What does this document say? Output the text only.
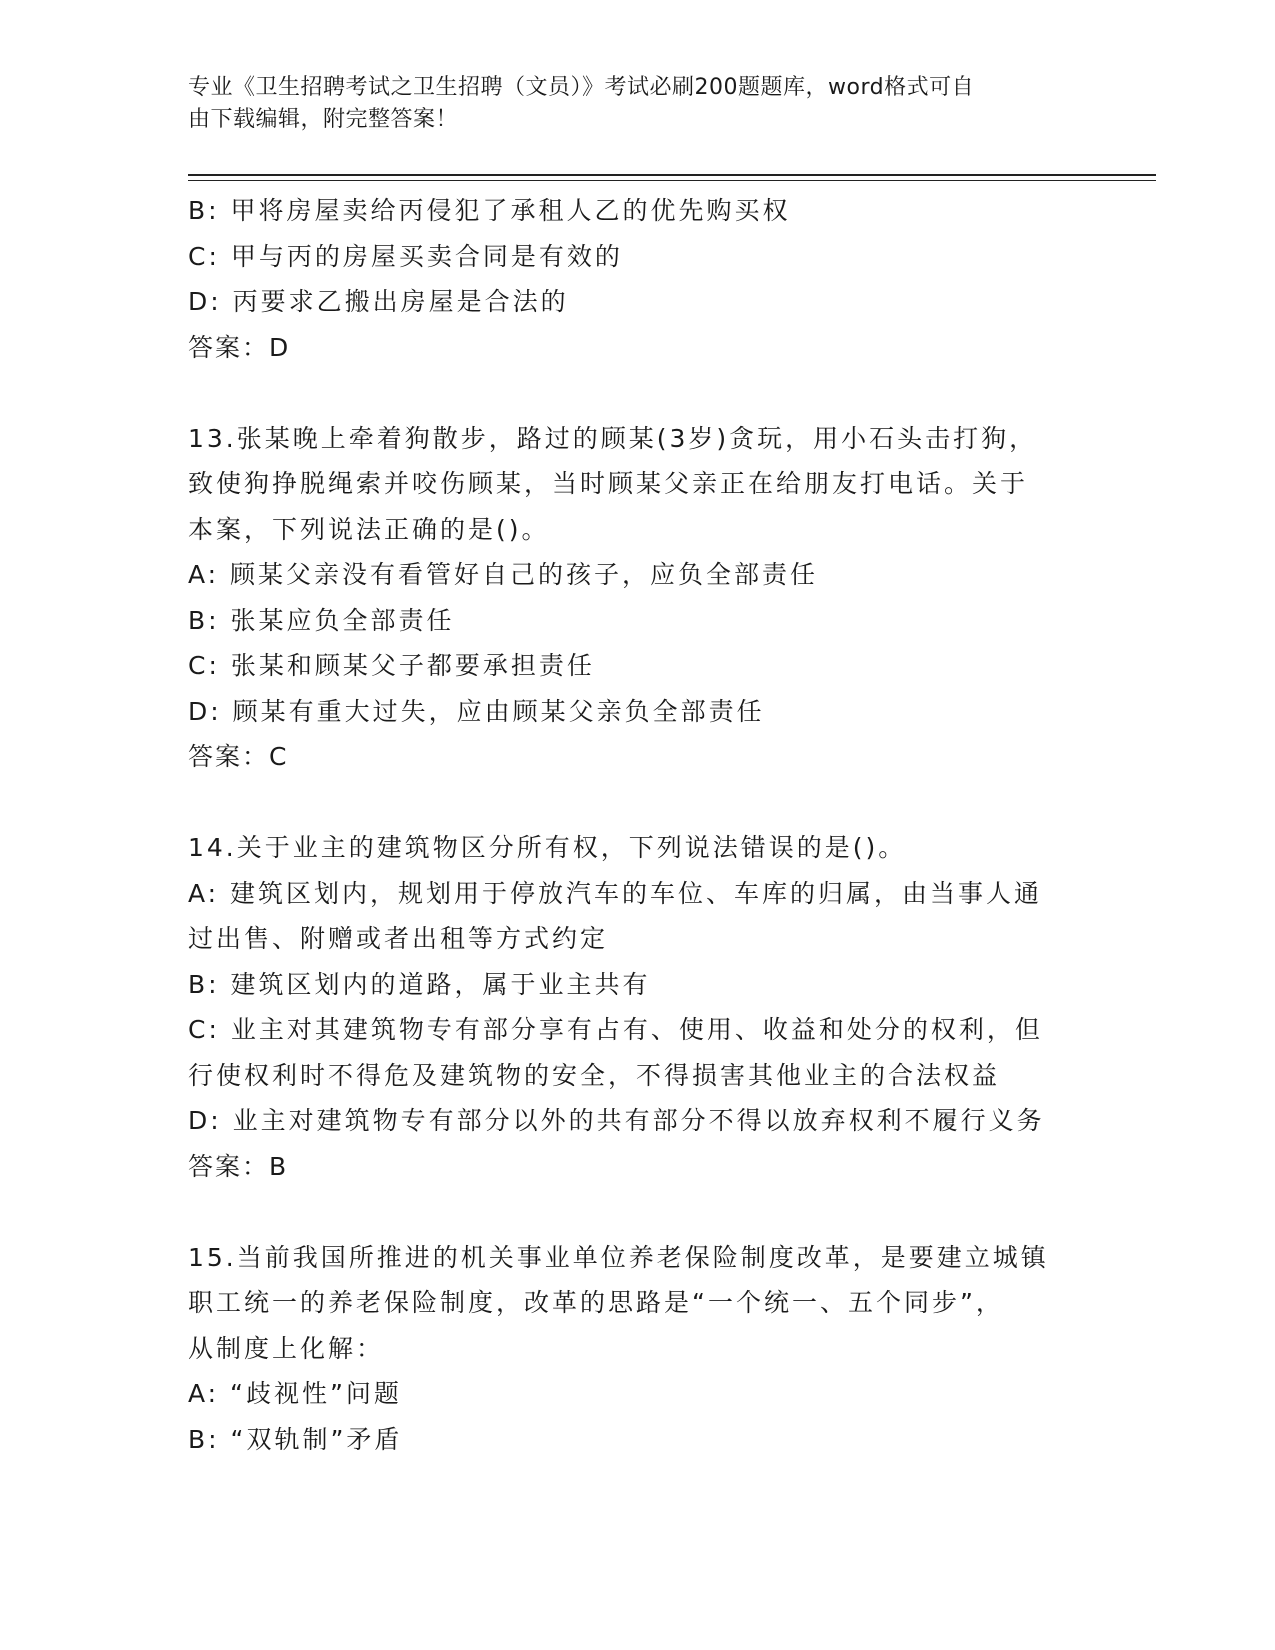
专业《卫生招聘考试之卫生招聘（文员）》考试必刷200题题库，word格式可自
由下载编辑，附完整答案！
B: 甲将房屋卖给丙侵犯了承租人乙的优先购买权
C: 甲与丙的房屋买卖合同是有效的
D: 丙要求乙搬出房屋是合法的
答案：D
13.张某晚上牵着狗散步，路过的顾某(3岁)贪玩，用小石头击打狗，
致使狗挣脱绳索并咬伤顾某，当时顾某父亲正在给朋友打电话。关于
本案，下列说法正确的是()。
A: 顾某父亲没有看管好自己的孩子，应负全部责任
B: 张某应负全部责任
C: 张某和顾某父子都要承担责任
D: 顾某有重大过失，应由顾某父亲负全部责任
答案：C
14.关于业主的建筑物区分所有权，下列说法错误的是()。
A: 建筑区划内，规划用于停放汽车的车位、车库的归属，由当事人通
过出售、附赠或者出租等方式约定
B: 建筑区划内的道路，属于业主共有
C: 业主对其建筑物专有部分享有占有、使用、收益和处分的权利，但
行使权利时不得危及建筑物的安全，不得损害其他业主的合法权益
D: 业主对建筑物专有部分以外的共有部分不得以放弃权利不履行义务
答案：B
15.当前我国所推进的机关事业单位养老保险制度改革，是要建立城镇
职工统一的养老保险制度，改革的思路是“一个统一、五个同步”，
从制度上化解：
A: “歧视性”问题
B: “双轨制”矛盾
